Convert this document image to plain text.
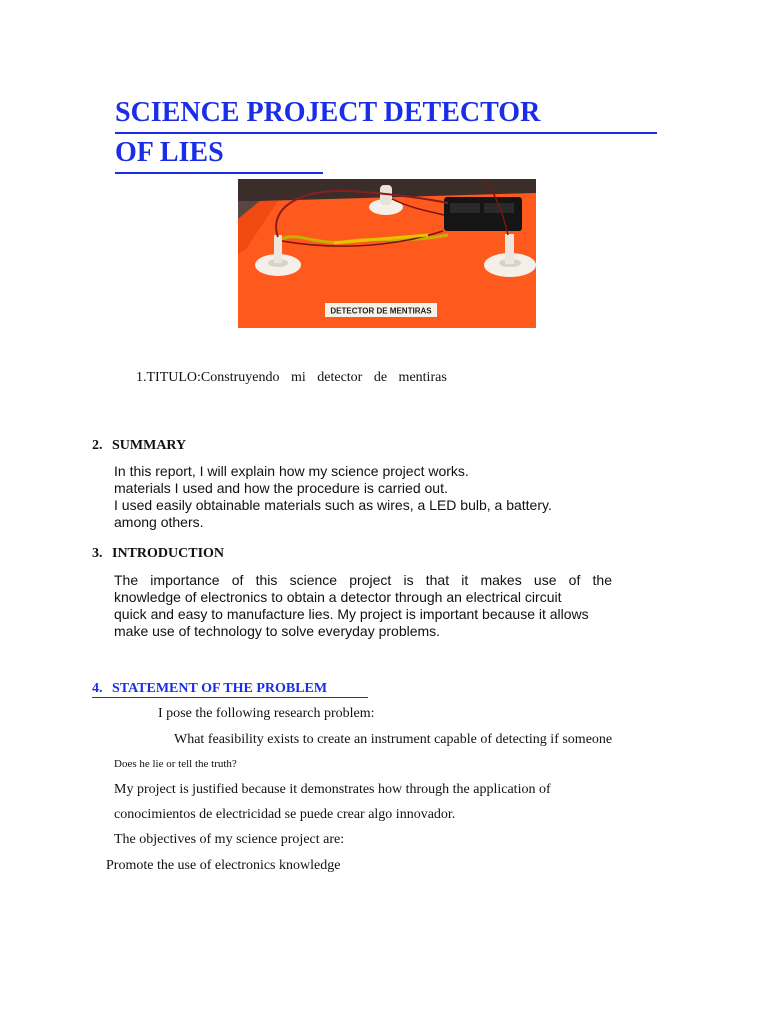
SCIENCE PROJECT DETECTOR
OF LIES
DETECTOR DE MENTIRAS
1.TITULO:Construyendo mi detector de mentiras
2. SUMMARY
In this report, I will explain how my science project works.
materials I used and how the procedure is carried out.
I used easily obtainable materials such as wires, a LED bulb, a battery.
among others.
3. INTRODUCTION
The importance of this science project is that it makes use of the
knowledge of electronics to obtain a detector through an electrical circuit
quick and easy to manufacture lies. My project is important because it allows
make use of technology to solve everyday problems.
4. STATEMENT OF THE PROBLEM
I pose the following research problem:
What feasibility exists to create an instrument capable of detecting if someone
Does he lie or tell the truth?
My project is justified because it demonstrates how through the application of
conocimientos de electricidad se puede crear algo innovador.
The objectives of my science project are:
Promote the use of electronics knowledge
